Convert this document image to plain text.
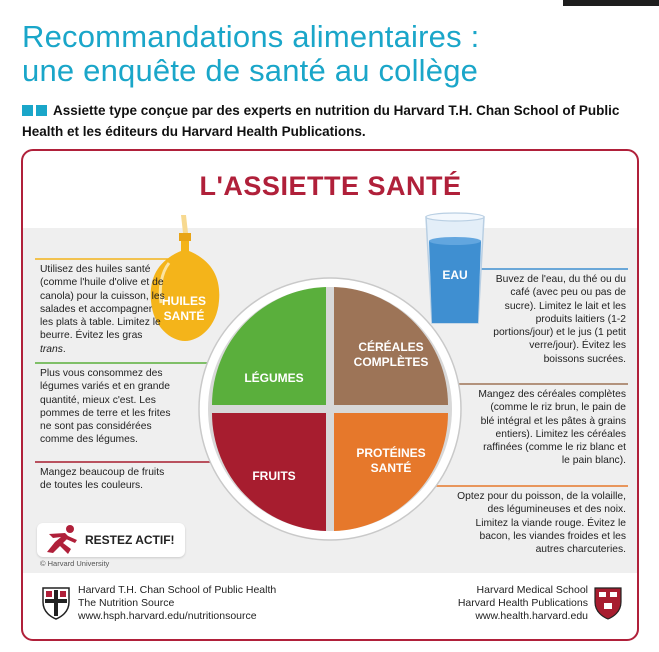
Recommandations alimentaires :
une enquête de santé au collège
Assiette type conçue par des experts en nutrition du Harvard T.H. Chan School of Public Health et les éditeurs du Harvard Health Publications.
L'ASSIETTE SANTÉ
HUILES
SANTÉ
EAU
LÉGUMES
FRUITS
CÉRÉALES
COMPLÈTES
PROTÉINES
SANTÉ
Utilisez des huiles santé (comme l'huile d'olive et de canola) pour la cuisson, les salades et accompagner les plats à table. Limitez le beurre. Évitez les gras trans.
Plus vous consommez des légumes variés et en grande quantité, mieux c'est. Les pommes de terre et les frites ne sont pas considérées comme des légumes.
Mangez beaucoup de fruits de toutes les couleurs.
Buvez de l'eau, du thé ou du café (avec peu ou pas de sucre). Limitez le lait et les produits laitiers (1-2 portions/jour) et le jus (1 petit verre/jour). Évitez les boissons sucrées.
Mangez des céréales complètes (comme le riz brun, le pain de blé intégral et les pâtes à grains entiers). Limitez les céréales raffinées (comme le riz blanc et le pain blanc).
Optez pour du poisson, de la volaille, des légumineuses et des noix. Limitez la viande rouge. Évitez le bacon, les viandes froides et les autres charcuteries.
RESTEZ ACTIF!
© Harvard University
Harvard T.H. Chan School of Public Health
The Nutrition Source
www.hsph.harvard.edu/nutritionsource
Harvard Medical School
Harvard Health Publications
www.health.harvard.edu
